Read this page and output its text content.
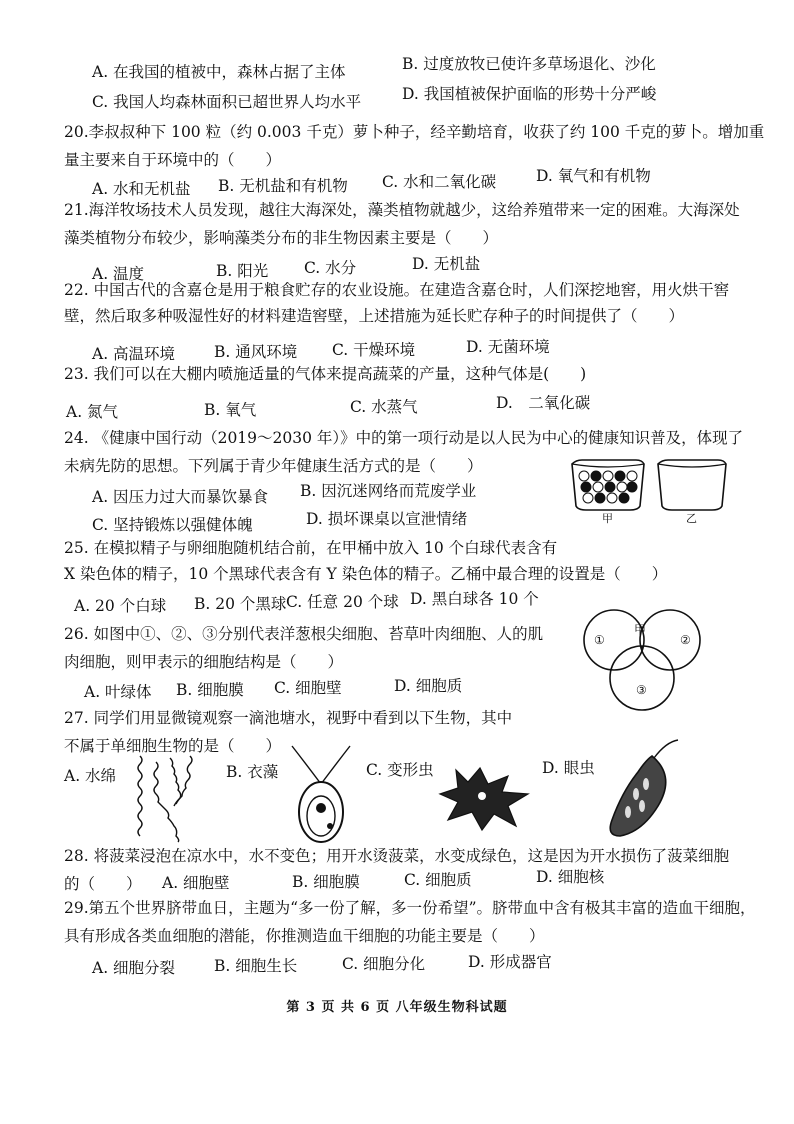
A. 在我国的植被中，森林占据了主体	B. 过度放牧已使许多草场退化、沙化
C. 我国人均森林面积已超世界人均水平	D. 我国植被保护面临的形势十分严峻
20.李叔叔种下 100 粒（约 0.003 千克）萝卜种子，经辛勤培育，收获了约 100 千克的萝卜。增加重
量主要来自于环境中的（　　）
A. 水和无机盐 B. 无机盐和有机物 C. 水和二氧化碳	D. 氧气和有机物
21.海洋牧场技术人员发现，越往大海深处，藻类植物就越少，这给养殖带来一定的困难。大海深处
藻类植物分布较少，影响藻类分布的非生物因素主要是（　　）
A. 温度	B. 阳光 C. 水分	D. 无机盐
22. 中国古代的含嘉仓是用于粮食贮存的农业设施。在建造含嘉仓时，人们深挖地窖，用火烘干窖
壁，然后取多种吸湿性好的材料建造窖壁，上述措施为延长贮存种子的时间提供了（　　）
A. 高温环境	B. 通风环境 C. 干燥环境	D. 无菌环境
23. 我们可以在大棚内喷施适量的气体来提高蔬菜的产量，这种气体是(　　)
A. 氮气	B. 氧气	C. 水蒸气	D.　二氧化碳
24. 《健康中国行动（2019～2030 年）》中的第一项行动是以人民为中心的健康知识普及，体现了
未病先防的思想。下列属于青少年健康生活方式的是（　　）
A. 因压力过大而暴饮暴食 B. 因沉迷网络而荒废学业
C. 坚持锻炼以强健体魄	D. 损坏课桌以宣泄情绪	甲	乙
25. 在模拟精子与卵细胞随机结合前，在甲桶中放入 10 个白球代表含有
X 染色体的精子，10 个黑球代表含有 Y 染色体的精子。乙桶中最合理的设置是（　　）
A. 20 个白球 B. 20 个黑球 C. 任意 20 个球 D. 黑白球各 10 个
26. 如图中①、②、③分别代表洋葱根尖细胞、苔草叶肉细胞、人的肌
肉细胞，则甲表示的细胞结构是（　　）
A. 叶绿体 B. 细胞膜 C. 细胞壁	D. 细胞质
①
甲
②
③
27. 同学们用显微镜观察一滴池塘水，视野中看到以下生物，其中
不属于单细胞生物的是（　　）
A. 水绵	B. 衣藻	C. 变形虫	D. 眼虫
28. 将菠菜浸泡在凉水中，水不变色；用开水烫菠菜，水变成绿色，这是因为开水损伤了菠菜细胞
的（　　） A. 细胞壁	B. 细胞膜	C. 细胞质	D. 细胞核
29.第五个世界脐带血日，主题为“多一份了解，多一份希望”。脐带血中含有极其丰富的造血干细胞，
具有形成各类血细胞的潜能，你推测造血干细胞的功能主要是（　　）
A. 细胞分裂	B. 细胞生长	C. 细胞分化	D. 形成器官
第 3 页 共 6 页 八年级生物科试题
